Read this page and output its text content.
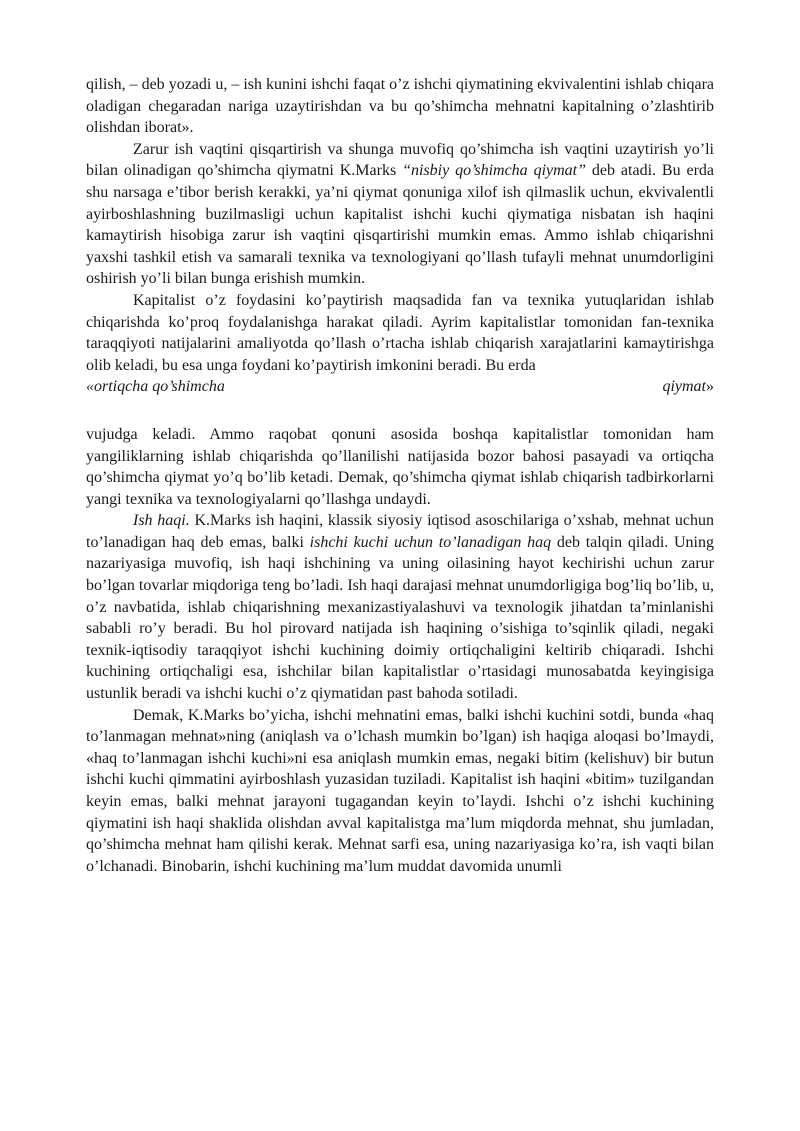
qilish, – deb yozadi u, – ish kunini ishchi faqat o’z ishchi qiymatining ekvivalentini ishlab chiqara oladigan chegaradan nariga uzaytirishdan va bu qo’shimcha mehnatni kapitalning o’zlashtirib olishdan iborat».

Zarur ish vaqtini qisqartirish va shunga muvofiq qo’shimcha ish vaqtini uzaytirish yo’li bilan olinadigan qo’shimcha qiymatni K.Marks “nisbiy qo’shimcha qiymat” deb atadi. Bu erda shu narsaga e’tibor berish kerakki, ya’ni qiymat qonuniga xilof ish qilmaslik uchun, ekvivalentli ayirboshlashning buzilmasligi uchun kapitalist ishchi kuchi qiymatiga nisbatan ish haqini kamaytirish hisobiga zarur ish vaqtini qisqartirishi mumkin emas. Ammo ishlab chiqarishni yaxshi tashkil etish va samarali texnika va texnologiyani qo’llash tufayli mehnat unumdorligini oshirish yo’li bilan bunga erishish mumkin.

Kapitalist o’z foydasini ko’paytirish maqsadida fan va texnika yutuqlaridan ishlab chiqarishda ko’proq foydalanishga harakat qiladi. Ayrim kapitalistlar tomonidan fan-texnika taraqqiyoti natijalarini amaliyotda qo’llash o’rtacha ishlab chiqarish xarajatlarini kamaytirishga olib keladi, bu esa unga foydani ko’paytirish imkonini beradi. Bu erda

«ortiqcha qo’shimcha	qiymat»

vujudga keladi. Ammo raqobat qonuni asosida boshqa kapitalistlar tomonidan ham yangiliklarning ishlab chiqarishda qo’llanilishi natijasida bozor bahosi pasayadi va ortiqcha qo’shimcha qiymat yo’q bo’lib ketadi. Demak, qo’shimcha qiymat ishlab chiqarish tadbirkorlarni yangi texnika va texnologiyalarni qo’llashga undaydi.

Ish haqi. K.Marks ish haqini, klassik siyosiy iqtisod asoschilariga o’xshab, mehnat uchun to’lanadigan haq deb emas, balki ishchi kuchi uchun to’lanadigan haq deb talqin qiladi. Uning nazariyasiga muvofiq, ish haqi ishchining va uning oilasining hayot kechirishi uchun zarur bo’lgan tovarlar miqdoriga teng bo’ladi. Ish haqi darajasi mehnat unumdorligiga bog’liq bo’lib, u, o’z navbatida, ishlab chiqarishning mexanizastiyalashuvi va texnologik jihatdan ta’minlanishi sababli ro’y beradi. Bu hol pirovard natijada ish haqining o’sishiga to’sqinlik qiladi, negaki texnik-iqtisodiy taraqqiyot ishchi kuchining doimiy ortiqchaligini keltirib chiqaradi. Ishchi kuchining ortiqchaligi esa, ishchilar bilan kapitalistlar o’rtasidagi munosabatda keyingisiga ustunlik beradi va ishchi kuchi o’z qiymatidan past bahoda sotiladi.

Demak, K.Marks bo’yicha, ishchi mehnatini emas, balki ishchi kuchini sotdi, bunda «haq to’lanmagan mehnat»ning (aniqlash va o’lchash mumkin bo’lgan) ish haqiga aloqasi bo’lmaydi, «haq to’lanmagan ishchi kuchi»ni esa aniqlash mumkin emas, negaki bitim (kelishuv) bir butun ishchi kuchi qimmatini ayirboshlash yuzasidan tuziladi. Kapitalist ish haqini «bitim» tuzilgandan keyin emas, balki mehnat jarayoni tugagandan keyin to’laydi. Ishchi o’z ishchi kuchining qiymatini ish haqi shaklida olishdan avval kapitalistga ma’lum miqdorda mehnat, shu jumladan, qo’shimcha mehnat ham qilishi kerak. Mehnat sarfi esa, uning nazariyasiga ko’ra, ish vaqti bilan o’lchanadi. Binobarin, ishchi kuchining ma’lum muddat davomida unumli
